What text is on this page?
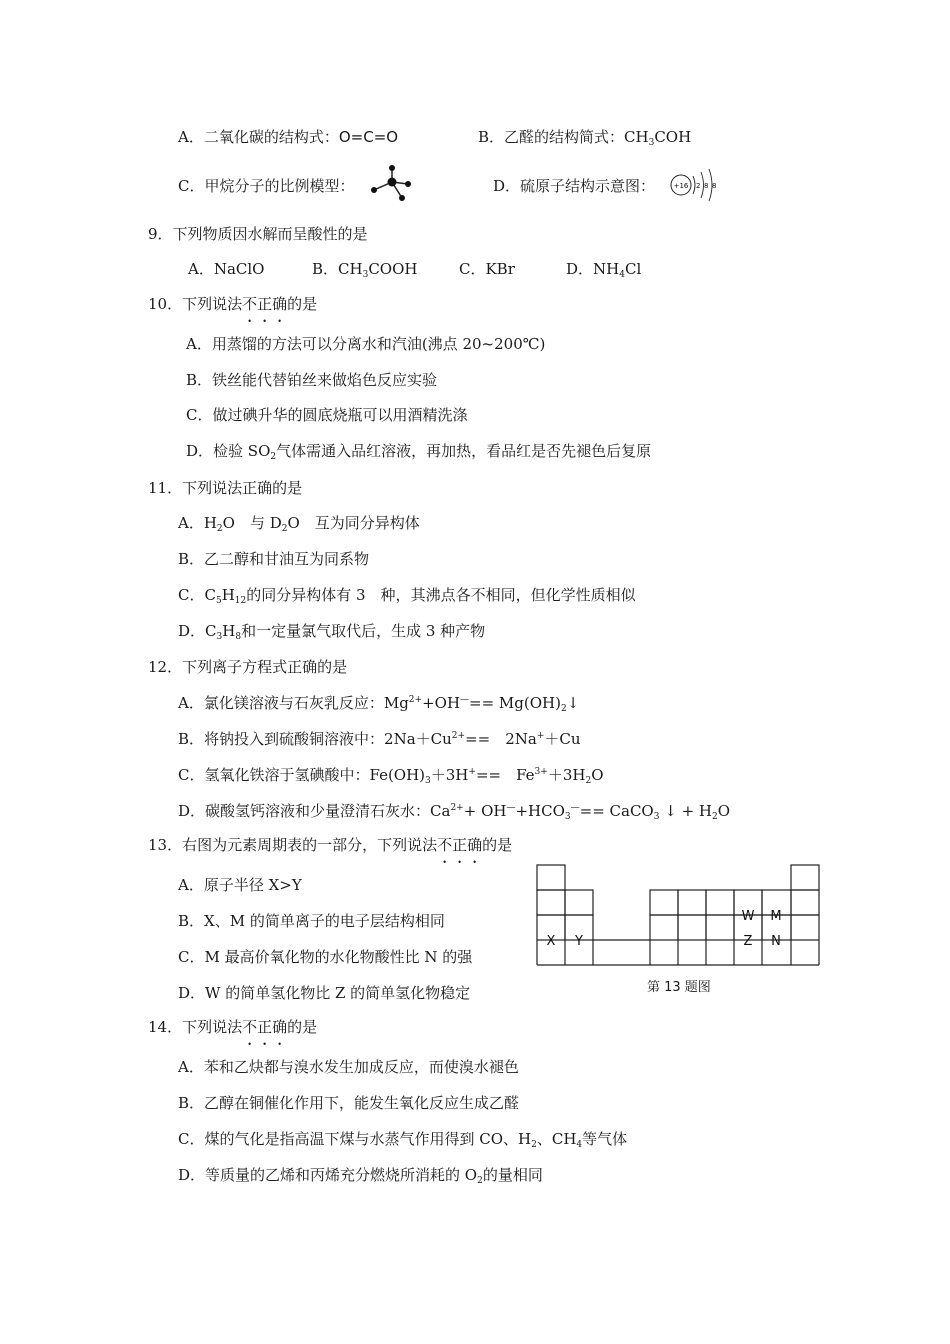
A．二氧化碳的结构式：O=C=O	B．乙醛的结构简式：$CH_3COH$
C．甲烷分子的比例模型：	D．硫原子结构示意图：	+16 2 8 8
9．下列物质因水解而呈酸性的是
A．NaClO	B．$CH_3COOH$	C．KBr	D．$NH_4Cl$
10．下列说法不正确的是
A．用蒸馏的方法可以分离水和汽油(沸点 20~200℃)
B．铁丝能代替铂丝来做焰色反应实验
C．做过碘升华的圆底烧瓶可以用酒精洗涤
D．检验 $SO_2$气体需通入品红溶液，再加热，看品红是否先褪色后复原
11．下列说法正确的是
A．$H_2O$　与 $D_2O$　互为同分异构体
B．乙二醇和甘油互为同系物
C．$C_5H_{12}$的同分异构体有 3　种，其沸点各不相同，但化学性质相似
D．$C_3H_8$和一定量氯气取代后，生成 3 种产物
12．下列离子方程式正确的是
A．氯化镁溶液与石灰乳反应：$Mg^{2+}+OH^—==$ $Mg(OH)_2↓$
B．将钠投入到硫酸铜溶液中：$2Na+Cu^{2+}==$　2Na+＋Cu
C．氢氧化铁溶于氢碘酸中：$Fe(OH)_3+3H^+==$　$Fe^{3+}+3H_2O$
D．碳酸氢钙溶液和少量澄清石灰水：$Ca^{2+}+ OH^—+HCO_3^—==$ CaCO$_3$ ↓ + $H_2O$
13．右图为元素周期表的一部分，下列说法不正确的是
A．原子半径 X>Y
B．X、M 的简单离子的电子层结构相同
C．M 最高价氧化物的水化物酸性比 N 的强
D．W 的简单氢化物比 Z 的简单氢化物稳定
X Y
W M
Z N
第 13 题图
14．下列说法不正确的是
A．苯和乙炔都与溴水发生加成反应，而使溴水褪色
B．乙醇在铜催化作用下，能发生氧化反应生成乙醛
C．煤的气化是指高温下煤与水蒸气作用得到 CO、$H_2$、$CH_4$等气体
D．等质量的乙烯和丙烯充分燃烧所消耗的 $O_2$的量相同
